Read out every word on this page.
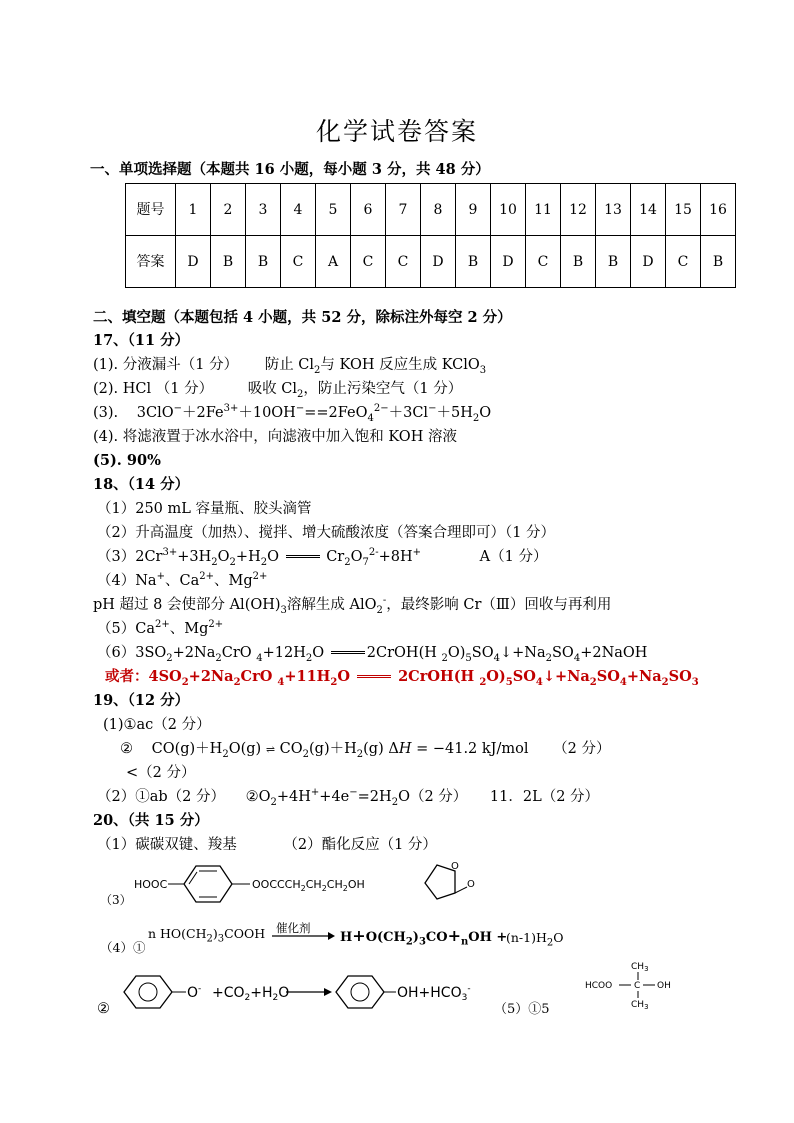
化学试卷答案
一、单项选择题（本题共 16 小题，每小题 3 分，共 48 分）
题号	1	2	3	4	5	6	7	8	9	10	11	12	13	14	15	16
答案	D	B	B	C	A	C	C	D	B	D	C	B	B	D	C	B
二、填空题（本题包括 4 小题，共 52 分，除标注外每空 2 分）
17、（11 分）
(1). 分液漏斗（1 分） 防止 $Cl_2$与 KOH 反应生成 KClO$_3$
(2). HCl （1 分） 吸收 $Cl_2$，防止污染空气（1 分）
(3). $3ClO^-+2Fe^{3+}+10OH^-==2FeO_4^{2-}+3Cl^-+5H_2O$
(4). 将滤液置于冰水浴中，向滤液中加入饱和 KOH 溶液
(5). 90%
18、（14 分）
（1）250 mL 容量瓶、胶头滴管
（2）升高温度（加热）、搅拌、增大硫酸浓度（答案合理即可）（1 分）
$(3)2Cr^{3+}+3H_2O_2+H_2O$	$Cr_2O_7^{2-}+8H^+$	A（1 分）
（4）Na+、$Ca^{2+}$、$Mg^{2+}$
pH 超过 8 会使部分 $Al(OH)_3$溶解生成 AlO$_2$-，最终影响 Cr（Ⅲ）回收与再利用
$(5)Ca^{2+}$、$Mg^{2+}$
$(6)3SO_2+2Na_2CrO$ $_4+12H_2O$	2CrOH(H $_2O)_5SO_4↓+Na_2SO_4+2NaOH$
或者：$4SO_2+2Na_2CrO$ $_4+11H_2O$	2CrOH(H $_2O)_5SO_4↓+Na_2SO_4+Na_2SO_3$
19、（12 分）
(1)①ac（2 分）
② $CO(g)+H_2O(g)$ ⇌ $CO_2(g)+H_2(g) \Delta H = -41.2$ kJ/mol （2 分）
<（2 分）
（2）①ab（2 分） $②O_2+4H^++4e^-=2H_2O(2$ 分） 11．2L（2 分）
20、（共 15 分）
（1）碳碳双键、羧基	（2）酯化反应（1 分）
（3）
HOOC	$OOCCCH_2CH_2CH_2OH$
O
O
n $HO(CH_2)_3COOH$
（4）①
催化剂
$H+O(CH_2)_3CO+_nOH$ +
$(n-1)H_2O$
②
$O^- +CO_2+H_2O$	$OH+HCO_3^-$
（5）①5
$CH_3$
HCOO C OH
$CH_3$
